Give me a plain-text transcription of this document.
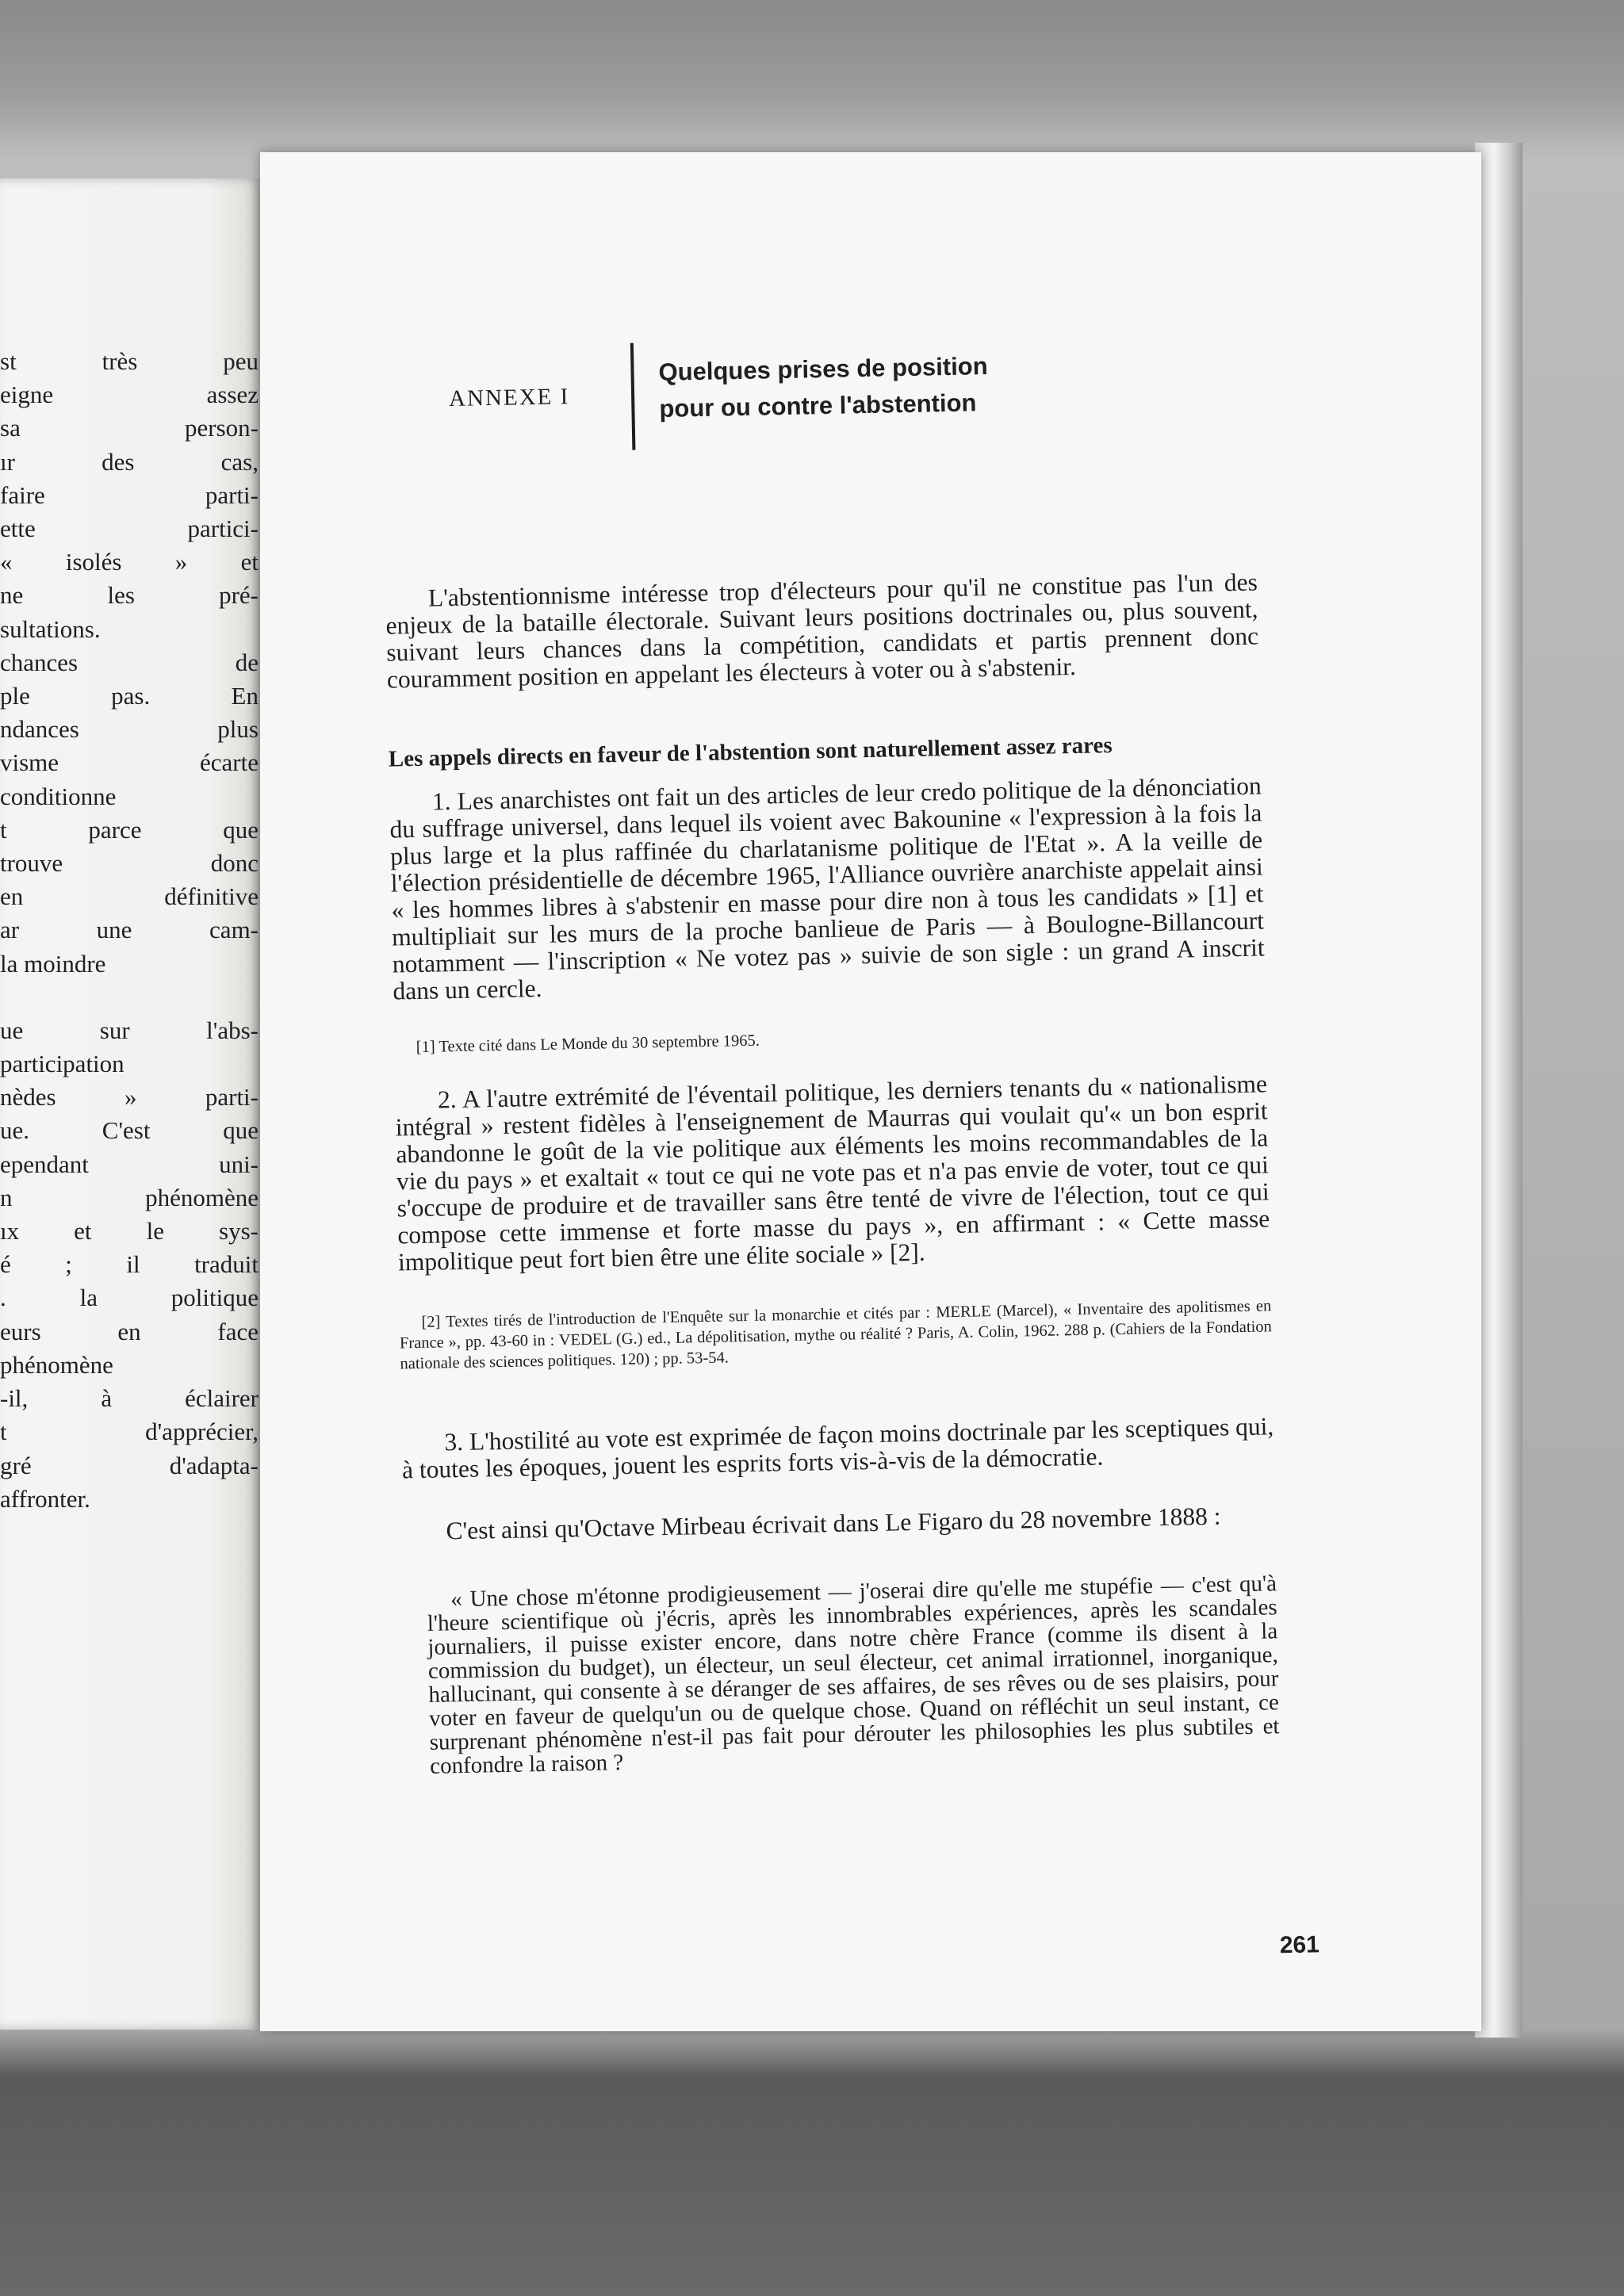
st très peu
eigne assez
sa person-
ır des cas,
faire parti-
ette partici-
« isolés » et
ne les pré-
sultations.
chances de
ple pas. En
ndances plus
visme écarte
conditionne
t parce que
trouve donc
en définitive
ar une cam-
la moindre
ue sur l'abs-
participation
nèdes » parti-
ue. C'est que
ependant uni-
n phénomène
ıx et le sys-
é ; il traduit
. la politique
eurs en face
phénomène
-il, à éclairer
t d'apprécier,
gré d'adapta-
affronter.
ANNEXE I
Quelques prises de position
pour ou contre l'abstention

L'abstentionnisme intéresse trop d'électeurs pour qu'il ne constitue pas l'un des enjeux de la bataille électorale. Suivant leurs positions doctrinales ou, plus souvent, suivant leurs chances dans la compétition, candidats et partis prennent donc couramment position en appelant les électeurs à voter ou à s'abstenir.

Les appels directs en faveur de l'abstention sont naturellement assez rares

1. Les anarchistes ont fait un des articles de leur credo politique de la dénonciation du suffrage universel, dans lequel ils voient avec Bakounine « l'expression à la fois la plus large et la plus raffinée du charlatanisme politique de l'Etat ». A la veille de l'élection présidentielle de décembre 1965, l'Alliance ouvrière anarchiste appelait ainsi « les hommes libres à s'abstenir en masse pour dire non à tous les candidats » [1] et multipliait sur les murs de la proche banlieue de Paris — à Boulogne-Billancourt notamment — l'inscription « Ne votez pas » suivie de son sigle : un grand A inscrit dans un cercle.

[1] Texte cité dans Le Monde du 30 septembre 1965.

2. A l'autre extrémité de l'éventail politique, les derniers tenants du « nationalisme intégral » restent fidèles à l'enseignement de Maurras qui voulait qu'« un bon esprit abandonne le goût de la vie politique aux éléments les moins recommandables de la vie du pays » et exaltait « tout ce qui ne vote pas et n'a pas envie de voter, tout ce qui s'occupe de produire et de travailler sans être tenté de vivre de l'élection, tout ce qui compose cette immense et forte masse du pays », en affirmant : « Cette masse impolitique peut fort bien être une élite sociale » [2].

[2] Textes tirés de l'introduction de l'Enquête sur la monarchie et cités par : MERLE (Marcel), « Inventaire des apolitismes en France », pp. 43-60 in : VEDEL (G.) ed., La dépolitisation, mythe ou réalité ? Paris, A. Colin, 1962. 288 p. (Cahiers de la Fondation nationale des sciences politiques. 120) ; pp. 53-54.

3. L'hostilité au vote est exprimée de façon moins doctrinale par les sceptiques qui, à toutes les époques, jouent les esprits forts vis-à-vis de la démocratie.

C'est ainsi qu'Octave Mirbeau écrivait dans Le Figaro du 28 novembre 1888 :

« Une chose m'étonne prodigieusement — j'oserai dire qu'elle me stupéfie — c'est qu'à l'heure scientifique où j'écris, après les innombrables expériences, après les scandales journaliers, il puisse exister encore, dans notre chère France (comme ils disent à la commission du budget), un électeur, un seul électeur, cet animal irrationnel, inorganique, hallucinant, qui consente à se déranger de ses affaires, de ses rêves ou de ses plaisirs, pour voter en faveur de quelqu'un ou de quelque chose. Quand on réfléchit un seul instant, ce surprenant phénomène n'est-il pas fait pour dérouter les philosophies les plus subtiles et confondre la raison ?

261
